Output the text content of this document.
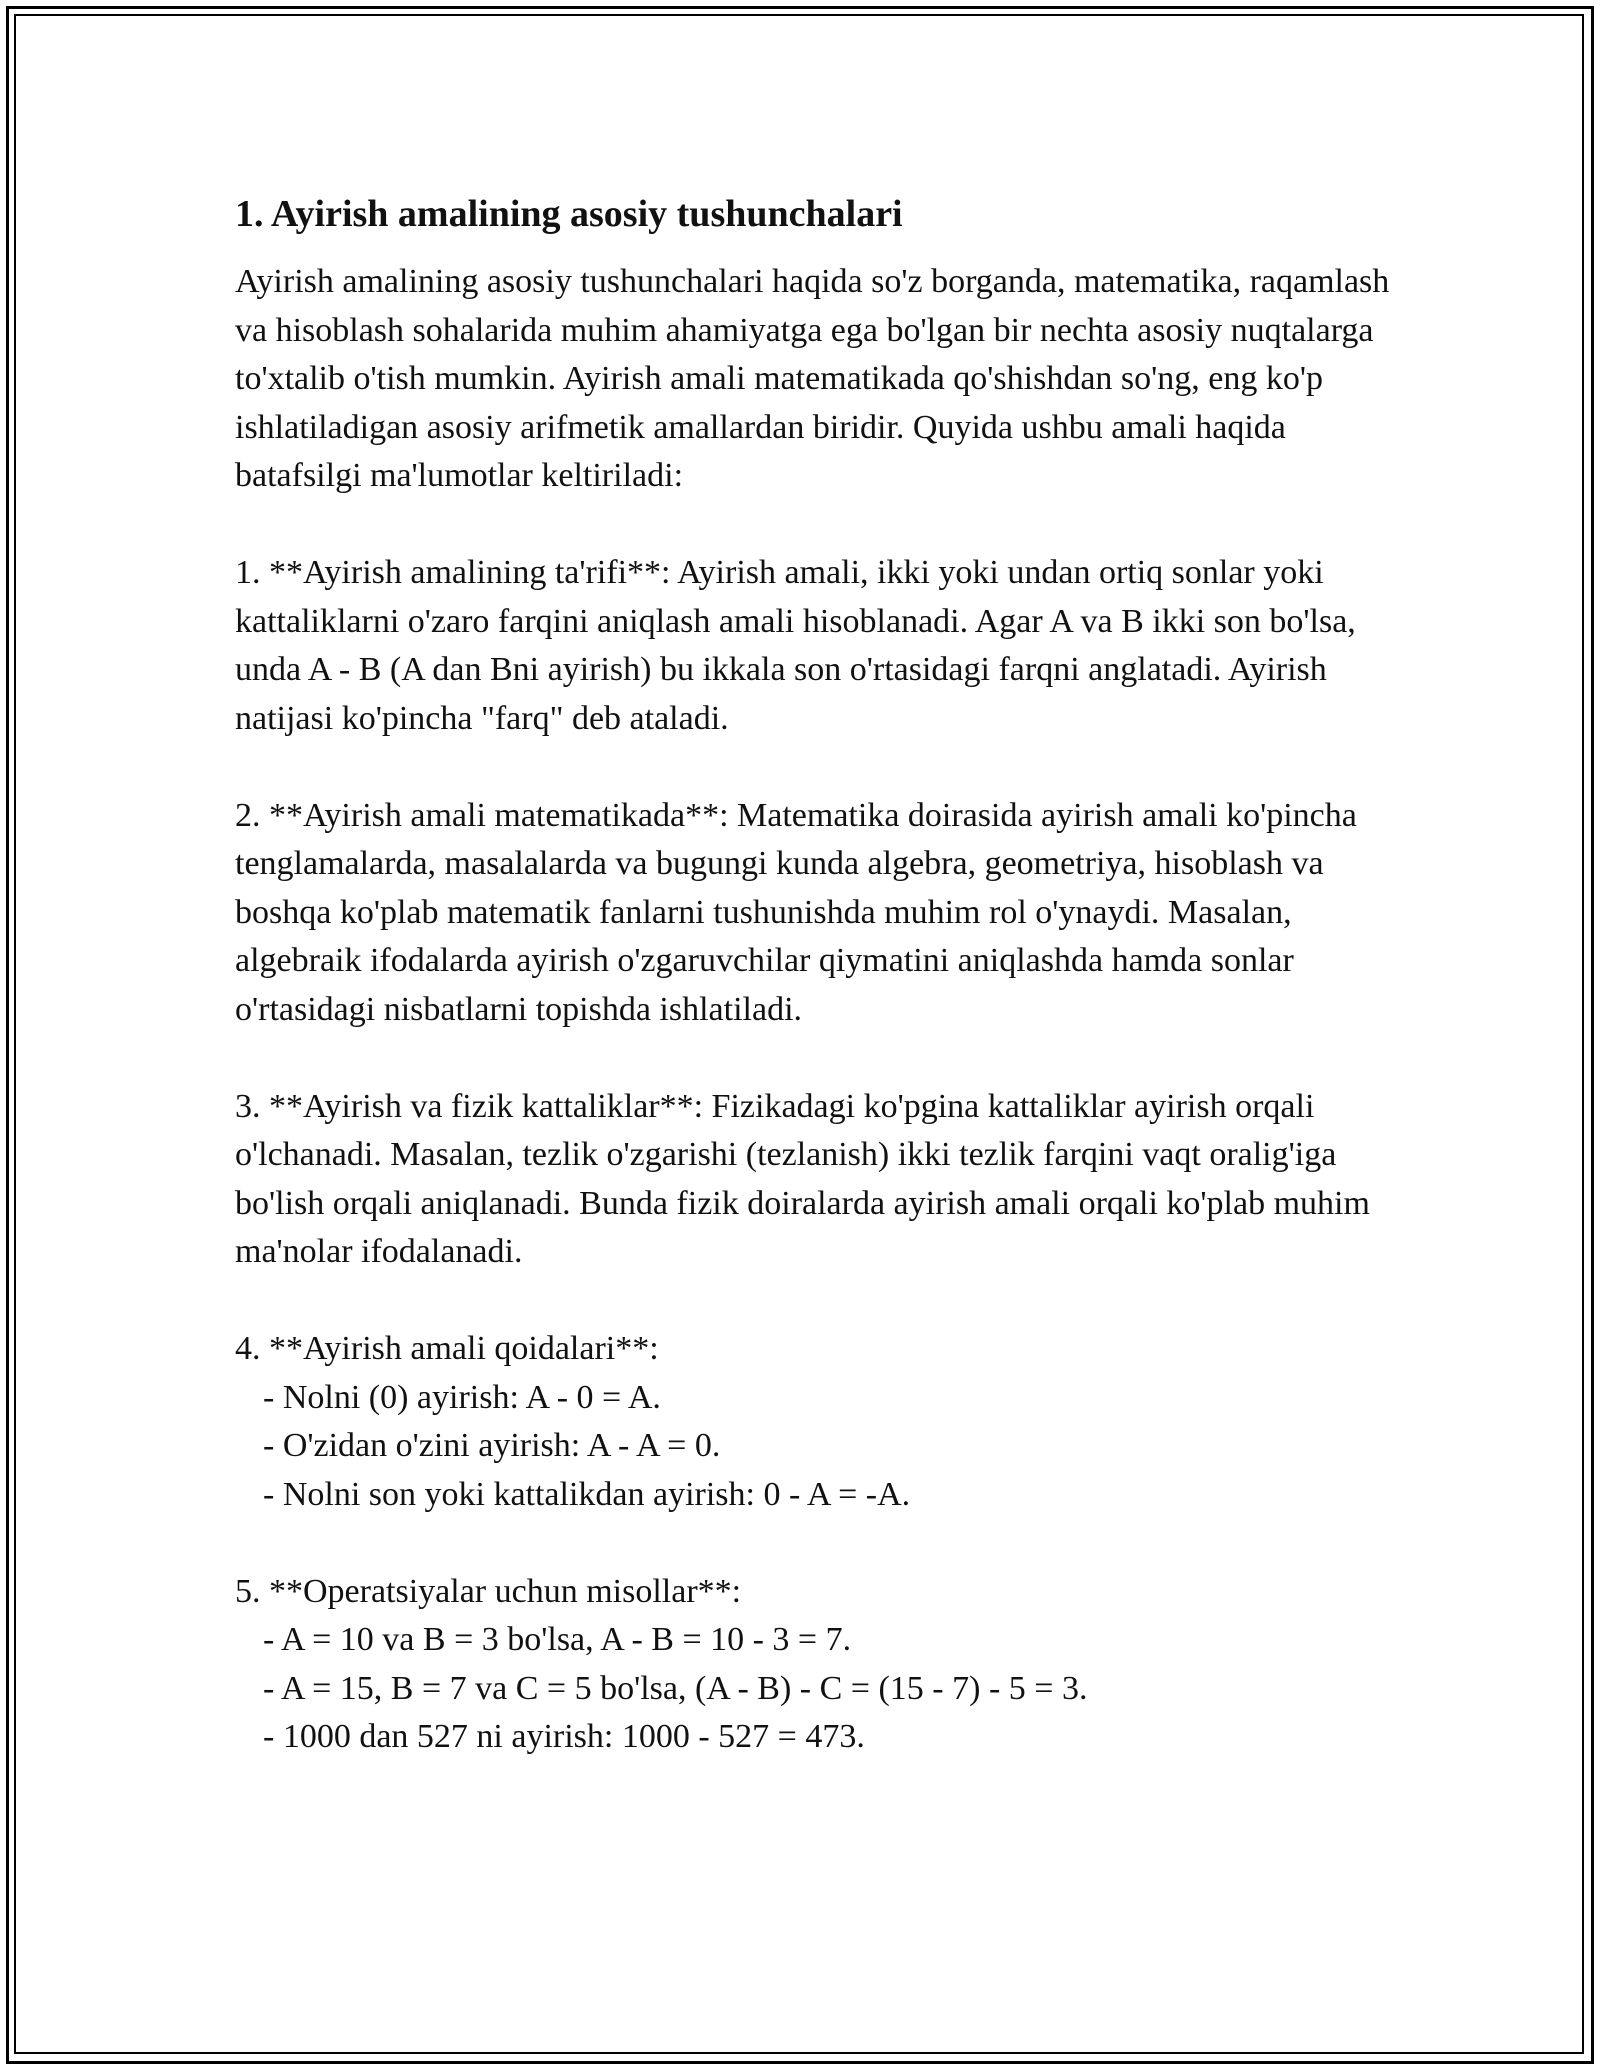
1. Ayirish amalining asosiy tushunchalari

Ayirish amalining asosiy tushunchalari haqida so'z borganda, matematika, raqamlash va hisoblash sohalarida muhim ahamiyatga ega bo'lgan bir nechta asosiy nuqtalarga to'xtalib o'tish mumkin. Ayirish amali matematikada qo'shishdan so'ng, eng ko'p ishlatiladigan asosiy arifmetik amallardan biridir. Quyida ushbu amali haqida batafsilgi ma'lumotlar keltiriladi:

1. **Ayirish amalining ta'rifi**: Ayirish amali, ikki yoki undan ortiq sonlar yoki kattaliklarni o'zaro farqini aniqlash amali hisoblanadi. Agar A va B ikki son bo'lsa, unda A - B (A dan Bni ayirish) bu ikkala son o'rtasidagi farqni anglatadi. Ayirish natijasi ko'pincha "farq" deb ataladi.

2. **Ayirish amali matematikada**: Matematika doirasida ayirish amali ko'pincha tenglamalarda, masalalarda va bugungi kunda algebra, geometriya, hisoblash va boshqa ko'plab matematik fanlarni tushunishda muhim rol o'ynaydi. Masalan, algebraik ifodalarda ayirish o'zgaruvchilar qiymatini aniqlashda hamda sonlar o'rtasidagi nisbatlarni topishda ishlatiladi.

3. **Ayirish va fizik kattaliklar**: Fizikadagi ko'pgina kattaliklar ayirish orqali o'lchanadi. Masalan, tezlik o'zgarishi (tezlanish) ikki tezlik farqini vaqt oralig'iga bo'lish orqali aniqlanadi. Bunda fizik doiralarda ayirish amali orqali ko'plab muhim ma'nolar ifodalanadi.

4. **Ayirish amali qoidalari**:
- Nolni (0) ayirish: A - 0 = A.
- O'zidan o'zini ayirish: A - A = 0.
- Nolni son yoki kattalikdan ayirish: 0 - A = -A.
5. **Operatsiyalar uchun misollar**:
- A = 10 va B = 3 bo'lsa, A - B = 10 - 3 = 7.
- A = 15, B = 7 va C = 5 bo'lsa, (A - B) - C = (15 - 7) - 5 = 3.
- 1000 dan 527 ni ayirish: 1000 - 527 = 473.
